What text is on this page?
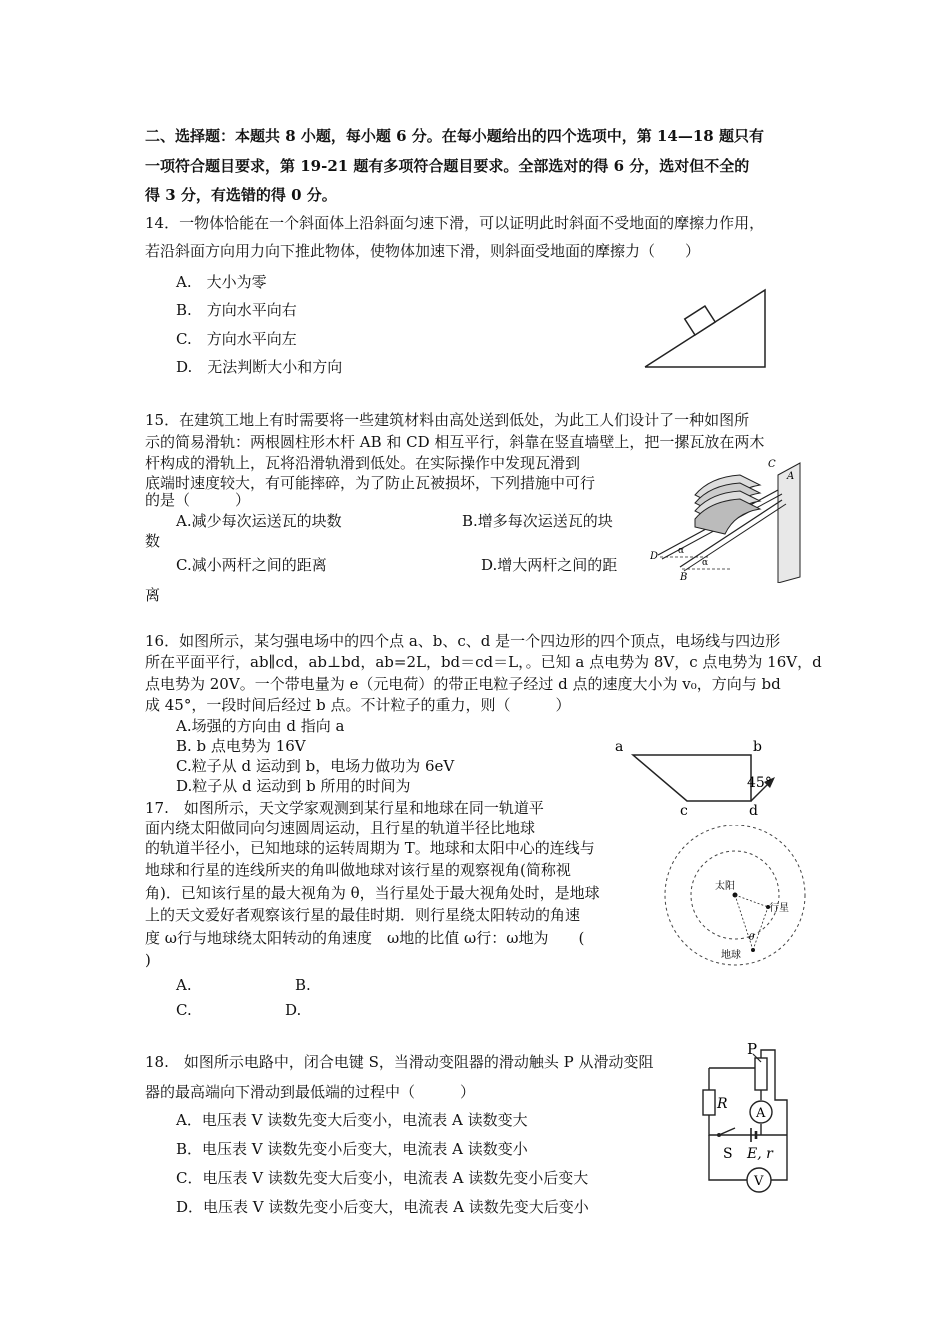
二、选择题：本题共 8 小题，每小题 6 分。在每小题给出的四个选项中，第 14—18 题只有
一项符合题目要求，第 19-21 题有多项符合题目要求。全部选对的得 6 分，选对但不全的
得 3 分，有选错的得 0 分。
14．一物体恰能在一个斜面体上沿斜面匀速下滑，可以证明此时斜面不受地面的摩擦力作用，
若沿斜面方向用力向下推此物体，使物体加速下滑，则斜面受地面的摩擦力（　　）
A.　大小为零
B.　方向水平向右
C.　方向水平向左
D.　无法判断大小和方向
15．在建筑工地上有时需要将一些建筑材料由高处送到低处，为此工人们设计了一种如图所
示的简易滑轨：两根圆柱形木杆 AB 和 CD 相互平行，斜靠在竖直墙壁上，把一摞瓦放在两木
杆构成的滑轨上，瓦将沿滑轨滑到低处。在实际操作中发现瓦滑到
底端时速度较大，有可能摔碎，为了防止瓦被损坏，下列措施中可行
的是（　　　）
A.减少每次运送瓦的块数	B.增多每次运送瓦的块
数
C.减小两杆之间的距离	D.增大两杆之间的距
离
C
A
D
B
α
α
16．如图所示，某匀强电场中的四个点 a、b、c、d 是一个四边形的四个顶点，电场线与四边形
所在平面平行，ab∥cd，ab⊥bd，ab=2L，bd＝cd＝L，。已知 a 点电势为 8V，c 点电势为 16V，d
点电势为 20V。一个带电量为 e（元电荷）的带正电粒子经过 d 点的速度大小为 v₀，方向与 bd
成 45°，一段时间后经过 b 点。不计粒子的重力，则（　　　）
A.场强的方向由 d 指向 a
B. b 点电势为 16V
C.粒子从 d 运动到 b，电场力做功为 6eV
D.粒子从 d 运动到 b 所用的时间为
a	b
c	d
45°
17.　如图所示，天文学家观测到某行星和地球在同一轨道平
面内绕太阳做同向匀速圆周运动，且行星的轨道半径比地球
的轨道半径小，已知地球的运转周期为 T。地球和太阳中心的连线与
地球和行星的连线所夹的角叫做地球对该行星的观察视角(简称视
角)．已知该行星的最大视角为 θ，当行星处于最大视角处时，是地球
上的天文爱好者观察该行星的最佳时期．则行星绕太阳转动的角速
度 ω行与地球绕太阳转动的角速度　ω地的比值 ω行：ω地为　　(
)
A.	B.
C.	D.
太阳
行星
地球
θ
18.　如图所示电路中，闭合电键 S，当滑动变阻器的滑动触头 P 从滑动变阻
器的最高端向下滑动到最低端的过程中（　　　）
A．电压表 V 读数先变大后变小，电流表 A 读数变大
B．电压表 V 读数先变小后变大，电流表 A 读数变小
C．电压表 V 读数先变大后变小，电流表 A 读数先变小后变大
D．电压表 V 读数先变小后变大，电流表 A 读数先变大后变小
P
R
A
S E, r
V
